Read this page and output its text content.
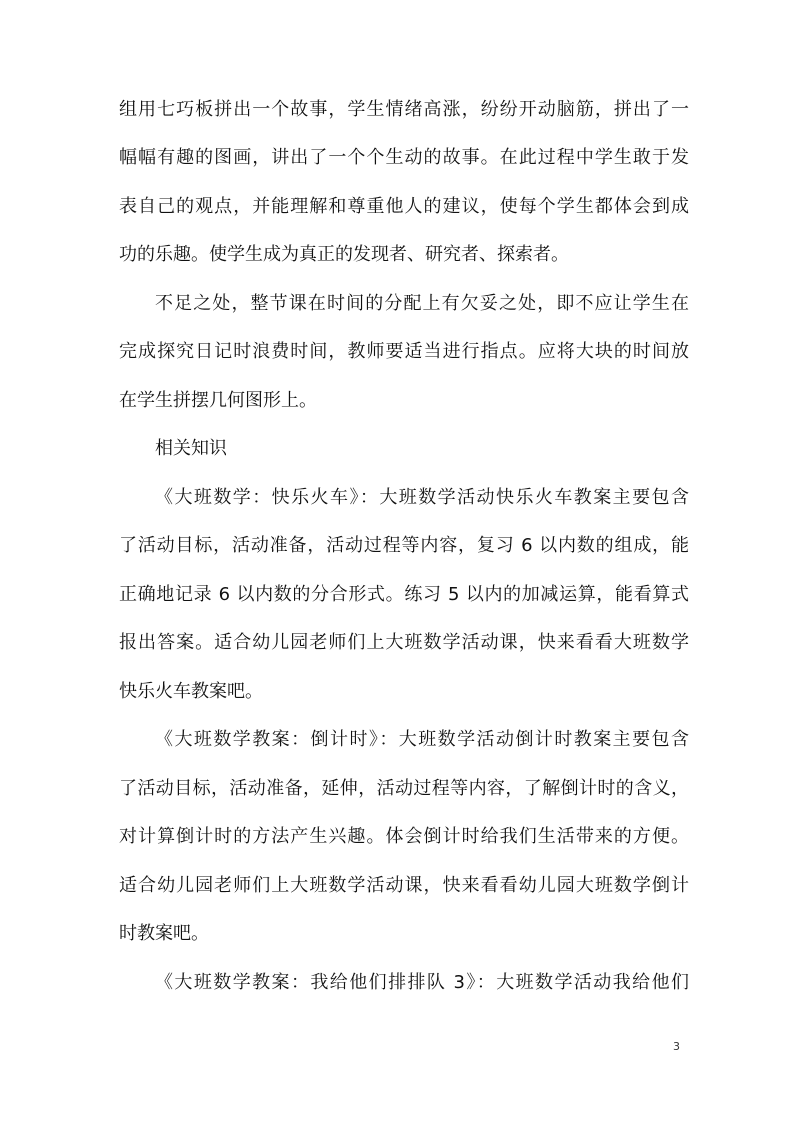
组用七巧板拼出一个故事，学生情绪高涨，纷纷开动脑筋，拼出了一
幅幅有趣的图画，讲出了一个个生动的故事。在此过程中学生敢于发
表自己的观点，并能理解和尊重他人的建议，使每个学生都体会到成
功的乐趣。使学生成为真正的发现者、研究者、探索者。
不足之处，整节课在时间的分配上有欠妥之处，即不应让学生在
完成探究日记时浪费时间，教师要适当进行指点。应将大块的时间放
在学生拼摆几何图形上。
相关知识
《大班数学：快乐火车》：大班数学活动快乐火车教案主要包含
了活动目标，活动准备，活动过程等内容，复习 6 以内数的组成，能
正确地记录 6 以内数的分合形式。练习 5 以内的加减运算，能看算式
报出答案。适合幼儿园老师们上大班数学活动课，快来看看大班数学
快乐火车教案吧。
《大班数学教案：倒计时》：大班数学活动倒计时教案主要包含
了活动目标，活动准备，延伸，活动过程等内容，了解倒计时的含义，
对计算倒计时的方法产生兴趣。体会倒计时给我们生活带来的方便。
适合幼儿园老师们上大班数学活动课，快来看看幼儿园大班数学倒计
时教案吧。
《大班数学教案：我给他们排排队 3》：大班数学活动我给他们
3
